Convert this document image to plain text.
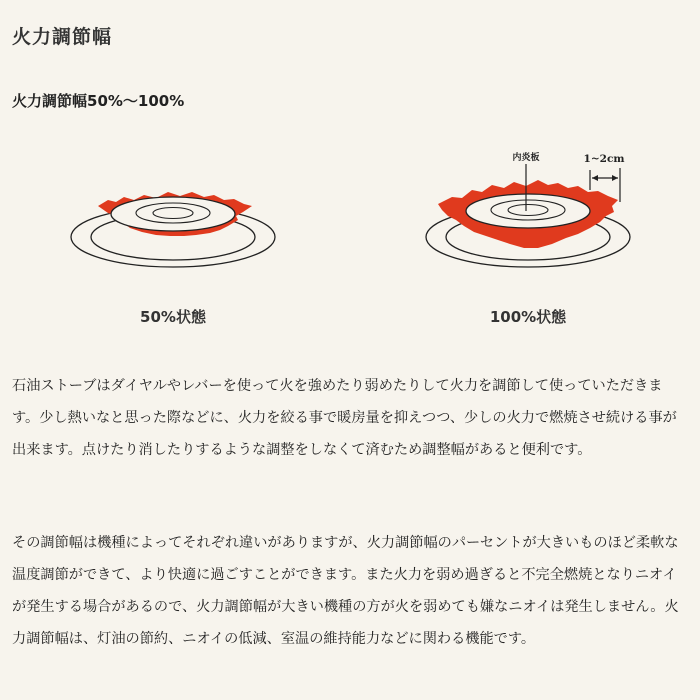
火力調節幅
火力調節幅50%～100%
内炎板	1~2cm
50%状態	100%状態

石油ストーブはダイヤルやレバーを使って火を強めたり弱めたりして火力を調節して使っていただきます。少し熱いなと思った際などに、火力を絞る事で暖房量を抑えつつ、少しの火力で燃焼させ続ける事が出来ます。点けたり消したりするような調整をしなくて済むため調整幅があると便利です。

その調節幅は機種によってそれぞれ違いがありますが、火力調節幅のパーセントが大きいものほど柔軟な温度調節ができて、より快適に過ごすことができます。また火力を弱め過ぎると不完全燃焼となりニオイが発生する場合があるので、火力調節幅が大きい機種の方が火を弱めても嫌なニオイは発生しません。火力調節幅は、灯油の節約、ニオイの低減、室温の維持能力などに関わる機能です。
